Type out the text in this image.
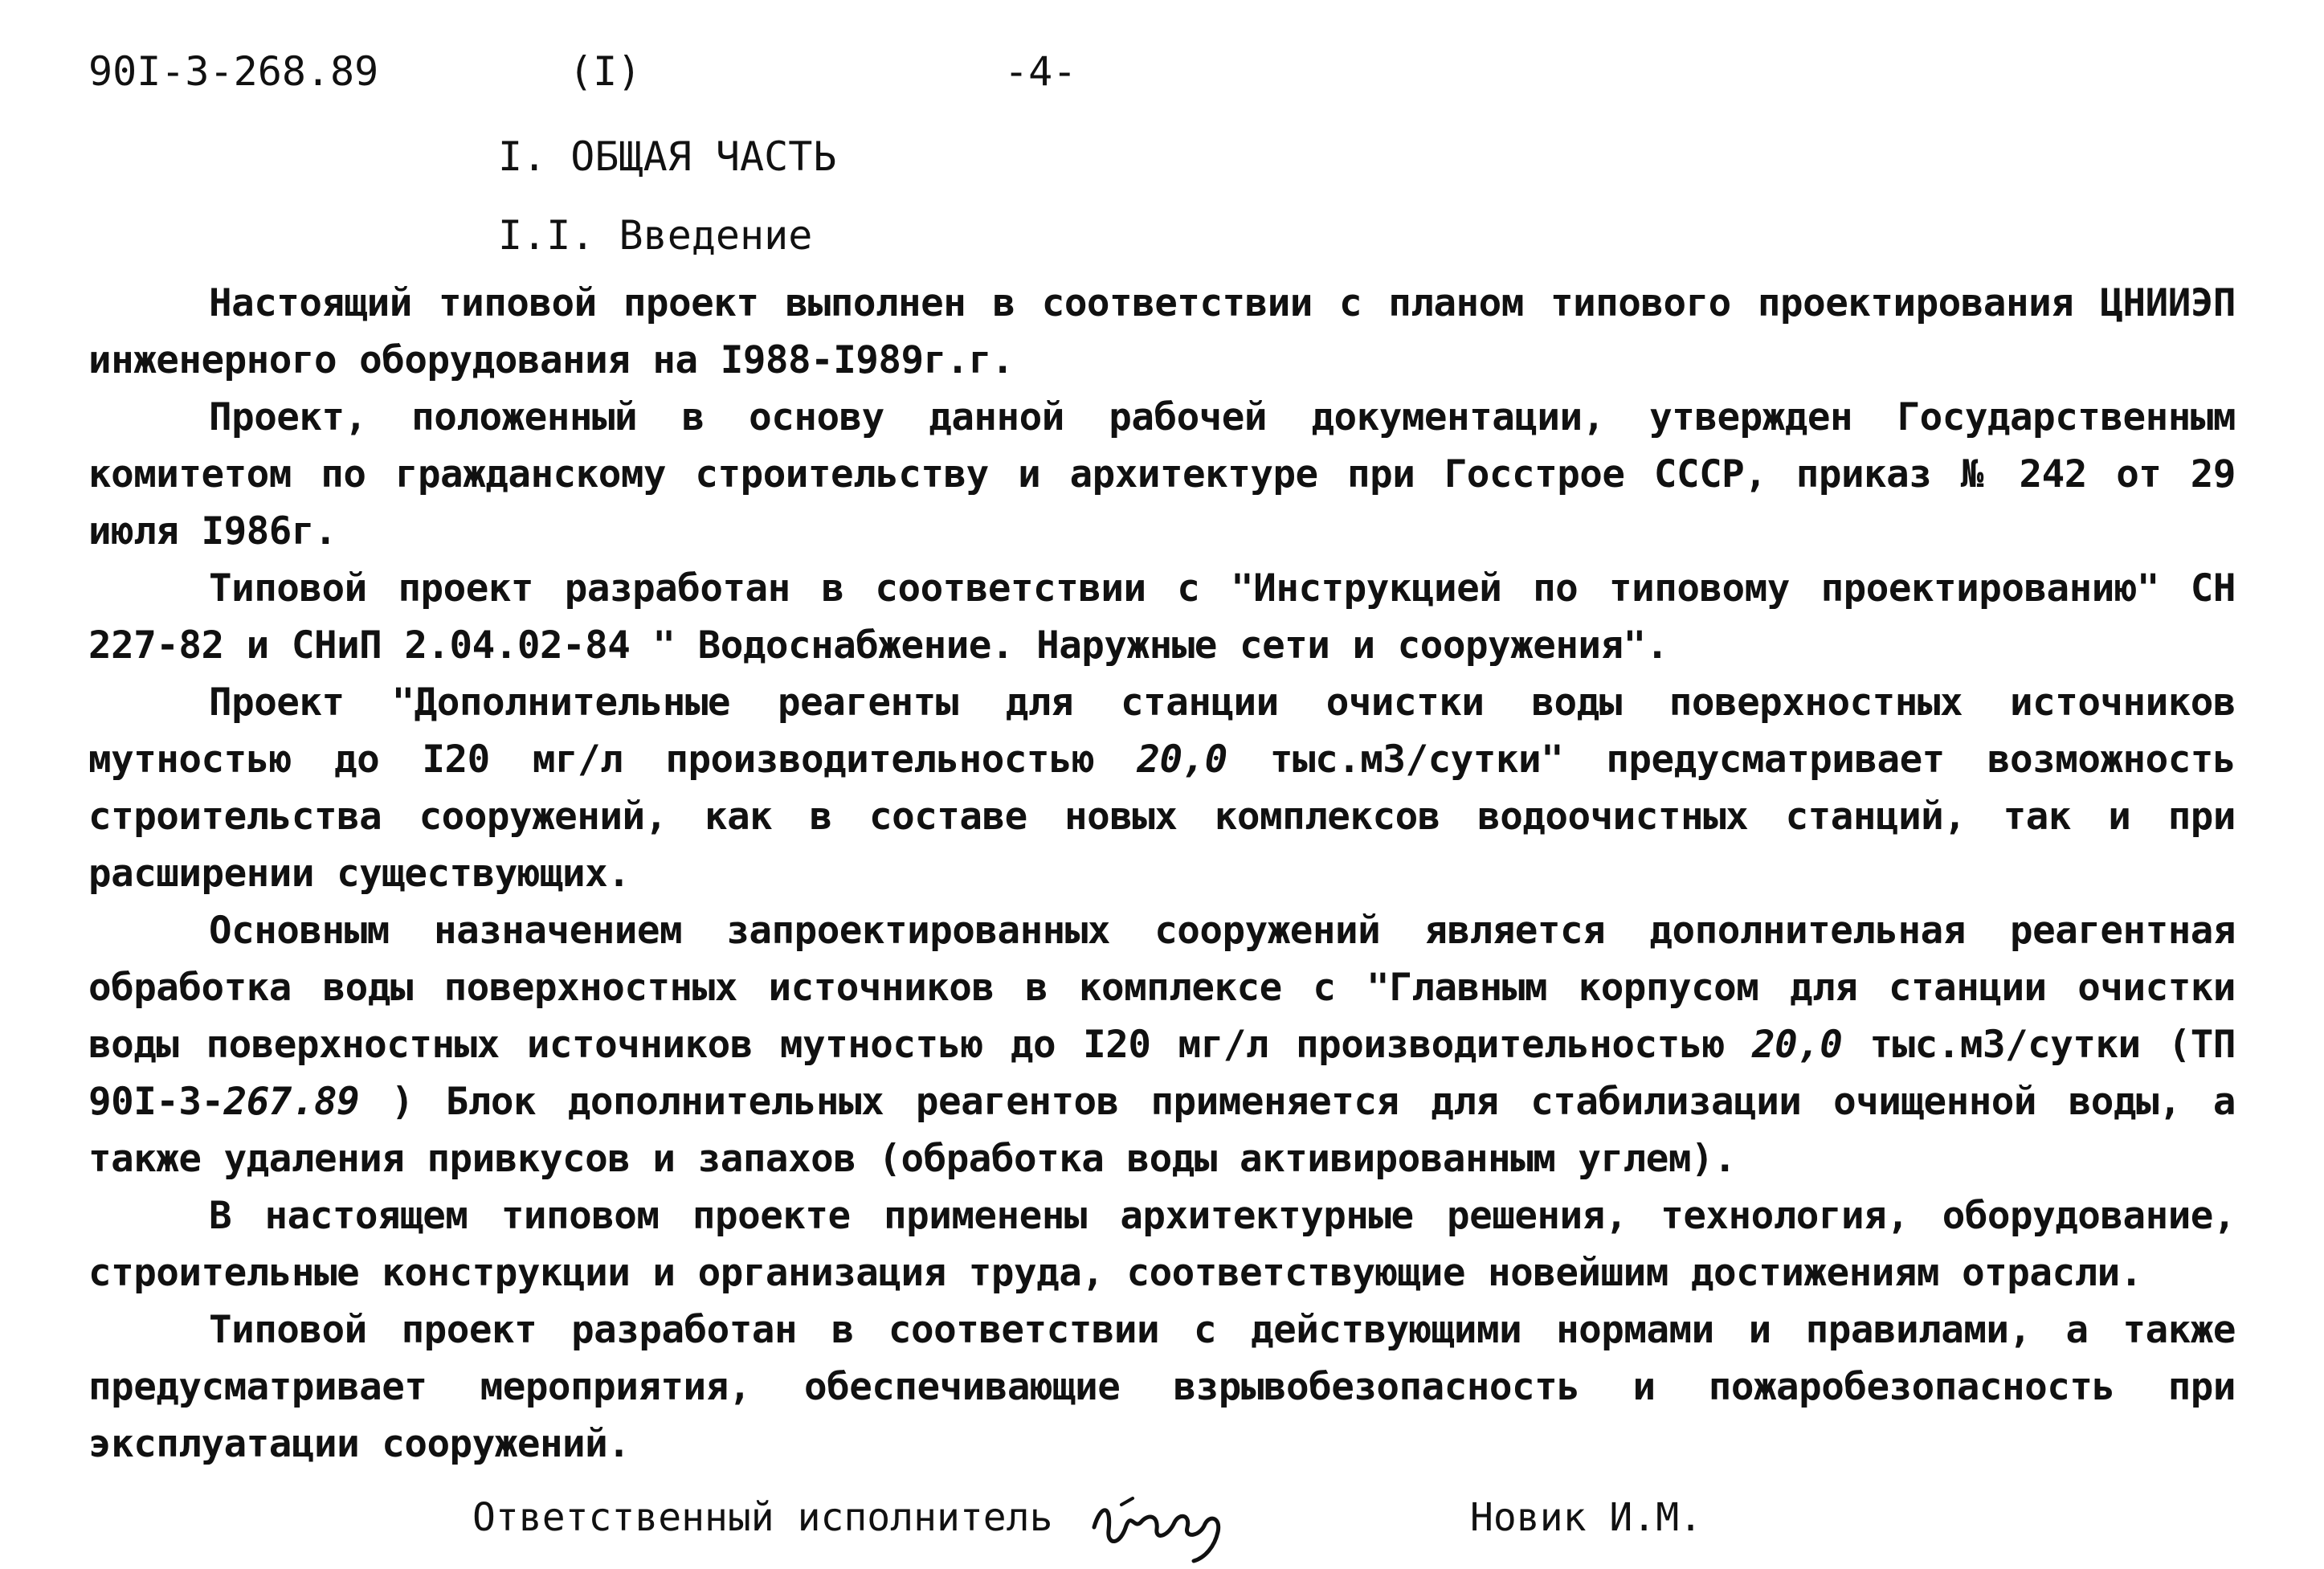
90I-3-268.89	(I)	-4-
I. ОБЩАЯ ЧАСТЬ
I.I. Введение

Настоящий типовой проект выполнен в соответствии с планом типового проектирования ЦНИИЭП инженерного оборудования на I988-I989г.г.

Проект, положенный в основу данной рабочей документации, утвержден Государственным комитетом по гражданскому строительству и архитектуре при Госстрое СССР, приказ № 242 от 29 июля I986г.

Типовой проект разработан в соответствии с "Инструкцией по типовому проектированию" СН 227-82 и СНиП 2.04.02-84 " Водоснабжение. Наружные сети и сооружения".

Проект "Дополнительные реагенты для станции очистки воды поверхностных источников мутностью до I20 мг/л производительностью 20,0 тыс.м3/сутки" предусматривает возможность строительства сооружений, как в составе новых комплексов водоочистных станций, так и при расширении существующих.

Основным назначением запроектированных сооружений является дополнительная реагентная обработка воды поверхностных источников в комплексе с "Главным корпусом для станции очистки воды поверхностных источников мутностью до I20 мг/л производительностью 20,0 тыс.м3/сутки (ТП 90I-3-267.89 ) Блок дополнительных реагентов применяется для стабилизации очищенной воды, а также удаления привкусов и запахов (обработка воды активированным углем).

В настоящем типовом проекте применены архитектурные решения, технология, оборудование, строительные конструкции и организация труда, соответствующие новейшим достижениям отрасли.

Типовой проект разработан в соответствии с действующими нормами и правилами, а также предусматривает мероприятия, обеспечивающие взрывобезопасность и пожаробезопасность при эксплуатации сооружений.

Ответственный исполнитель	Новик И.М.
